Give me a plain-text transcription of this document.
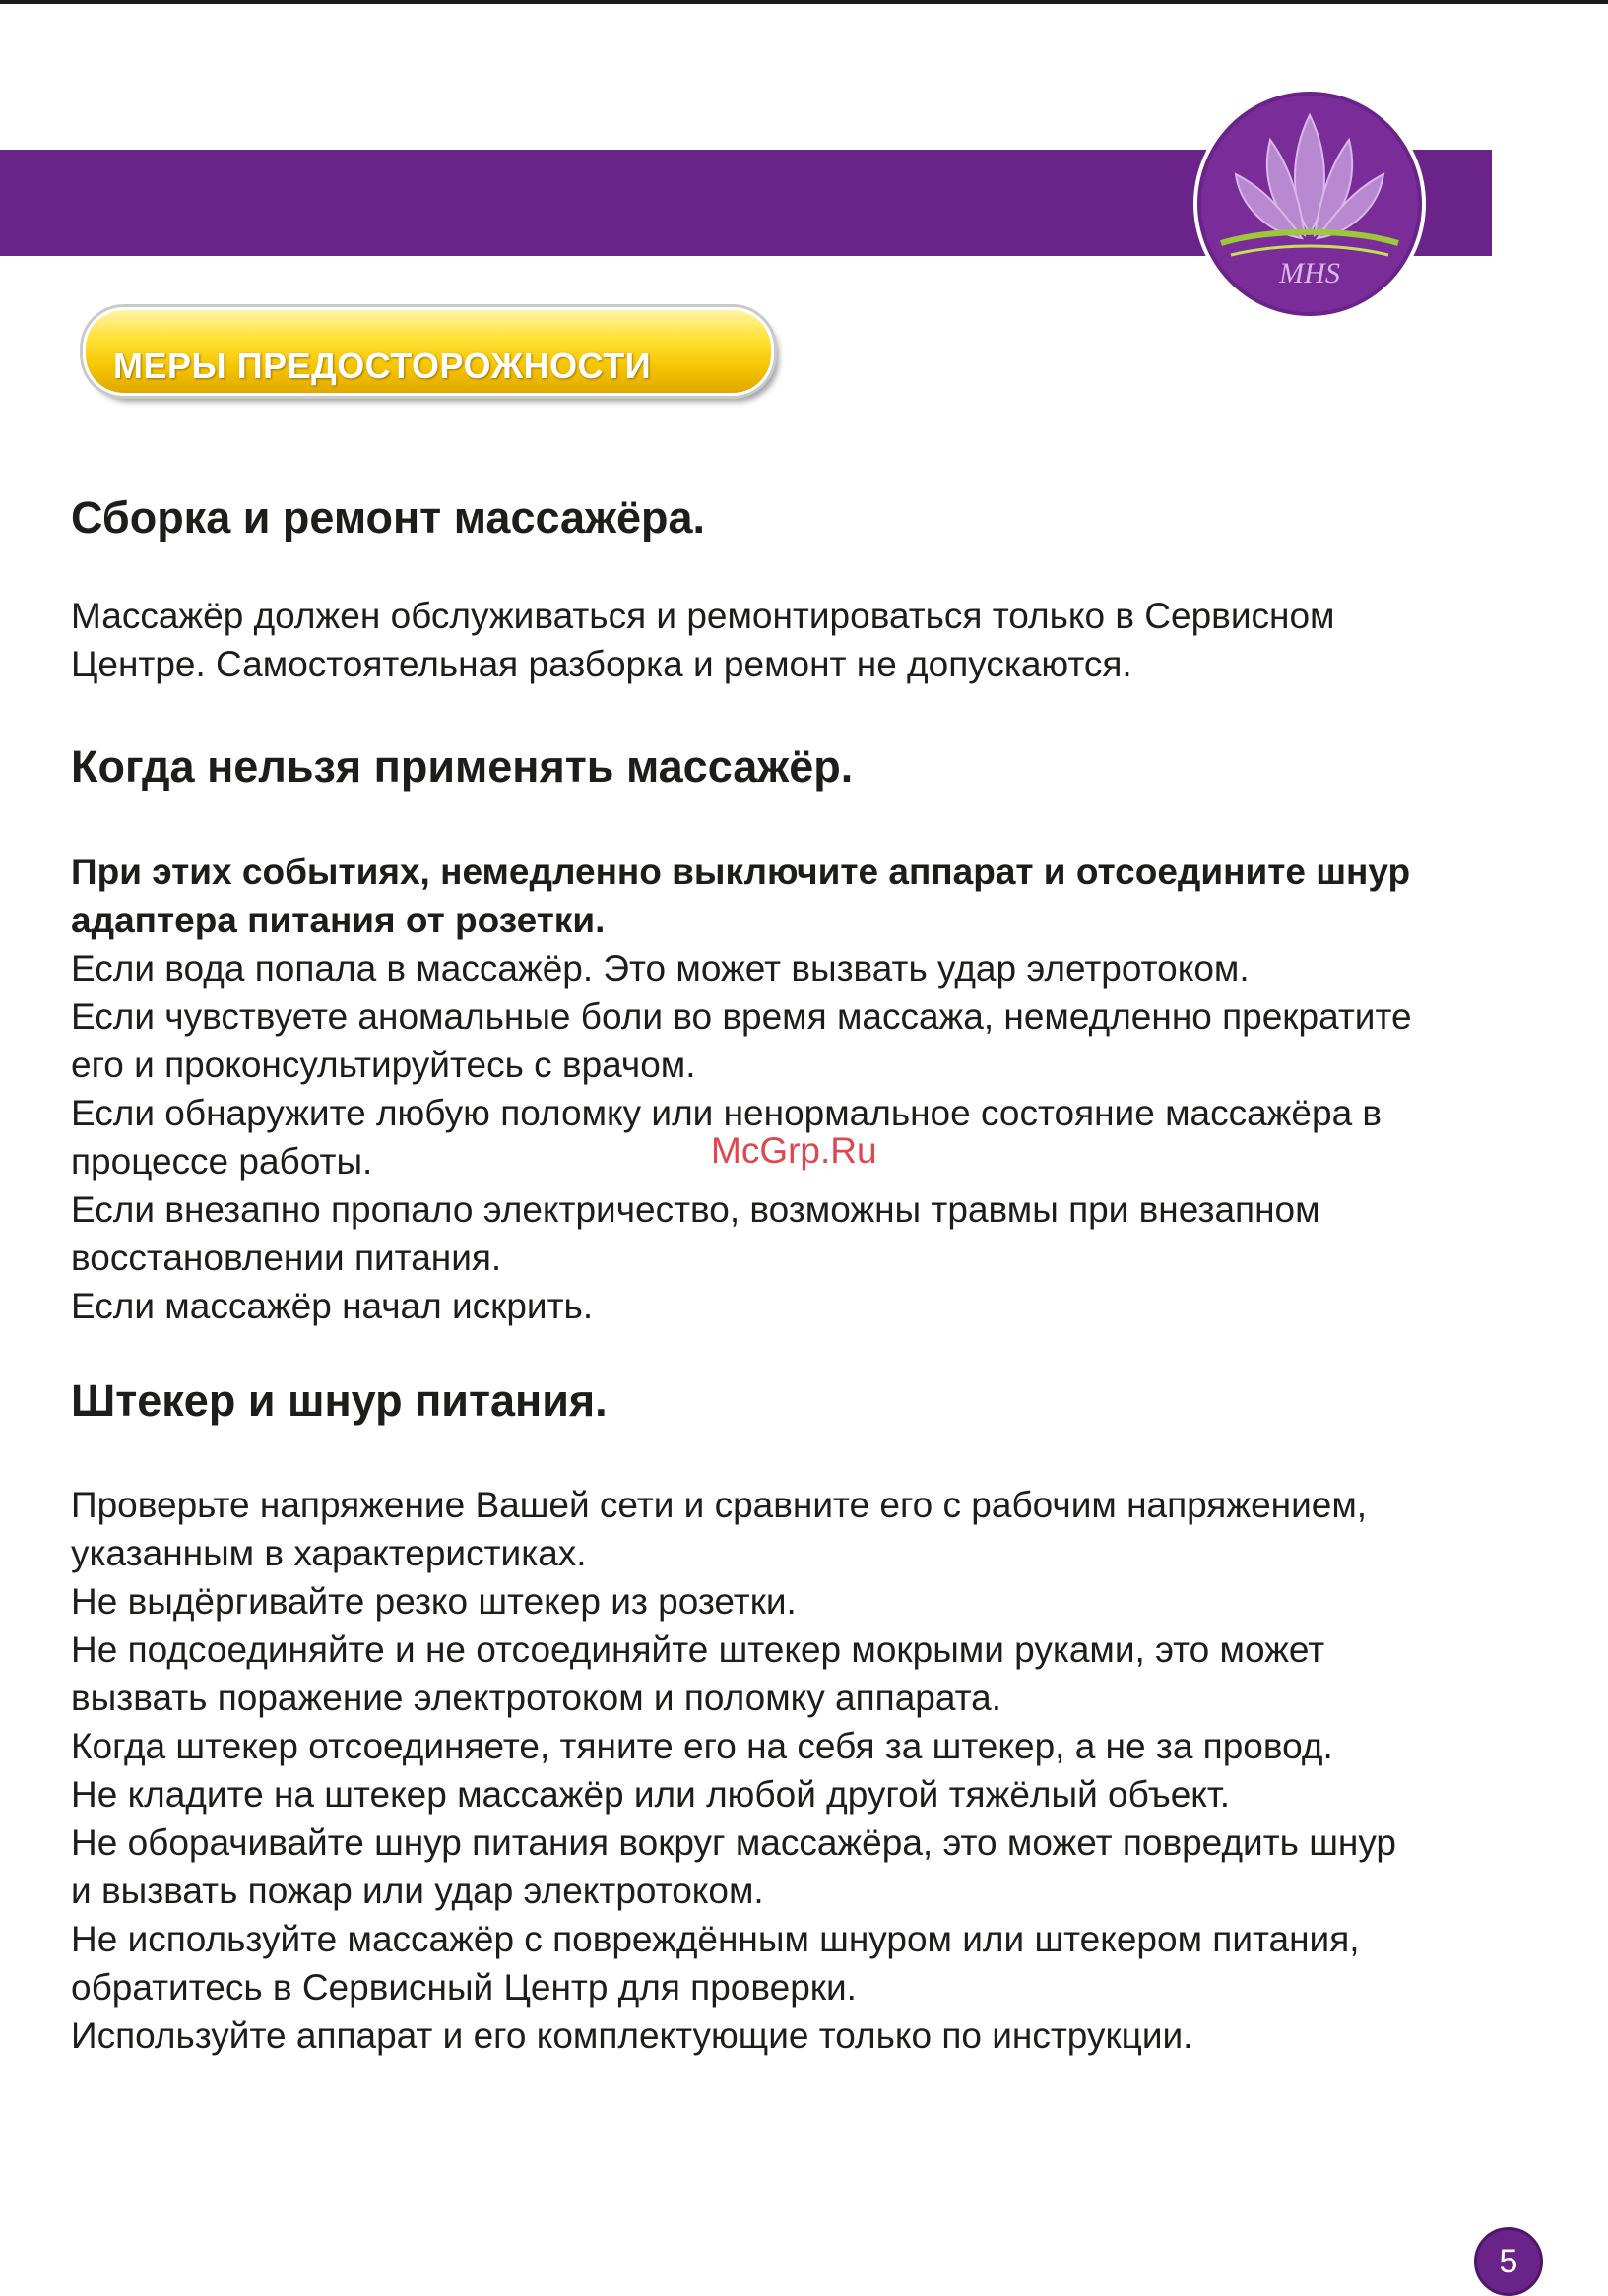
MHS
МЕРЫ ПРЕДОСТОРОЖНОСТИ
Сборка и ремонт массажёра.

Массажёр должен обслуживаться и ремонтироваться только в Сервисном

Центре. Самостоятельная разборка и ремонт не допускаются.

Когда нельзя применять массажёр.

При этих событиях, немедленно выключите аппарат и отсоедините шнур

адаптера питания от розетки.

Если вода попала в массажёр. Это может вызвать удар элетротоком.

Если чувствуете аномальные боли во время массажа, немедленно прекратите

его и проконсультируйтесь с врачом.

Если обнаружите любую поломку или ненормальное состояние массажёра в

процессе работы.

Если внезапно пропало электричество, возможны травмы при внезапном

восстановлении питания.

Если массажёр начал искрить.

Штекер и шнур питания.

Проверьте напряжение Вашей сети и сравните его с рабочим напряжением,

указанным в характеристиках.

Не выдёргивайте резко штекер из розетки.

Не подсоединяйте и не отсоединяйте штекер мокрыми руками, это может

вызвать поражение электротоком и поломку аппарата.

Когда штекер отсоединяете, тяните его на себя за штекер, а не за провод.

Не кладите на штекер массажёр или любой другой тяжёлый объект.

Не оборачивайте шнур питания вокруг массажёра, это может повредить шнур

и вызвать пожар или удар электротоком.

Не используйте массажёр с повреждённым шнуром или штекером питания,

обратитесь в Сервисный Центр для проверки.

Используйте аппарат и его комплектующие только по инструкции.

McGrp.Ru
5
